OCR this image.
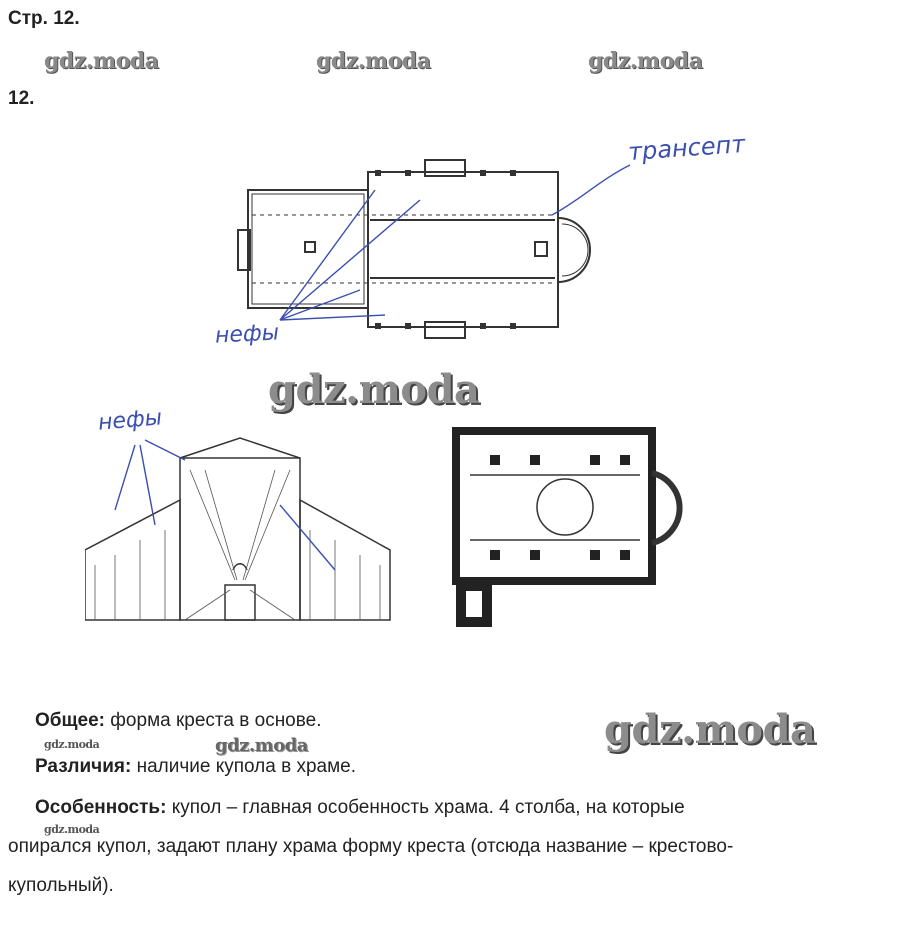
Стр. 12.
gdz.moda	gdz.moda	gdz.moda
12.
трансепт
нефы
gdz.moda
нефы
Общее: форма креста в основе.
gdz.moda	gdz.moda	gdz.moda
Различия: наличие купола в храме.
Особенность: купол – главная особенность храма. 4 столба, на которые
gdz.moda
опирался купол, задают плану храма форму креста (отсюда название – крестово-
купольный).
